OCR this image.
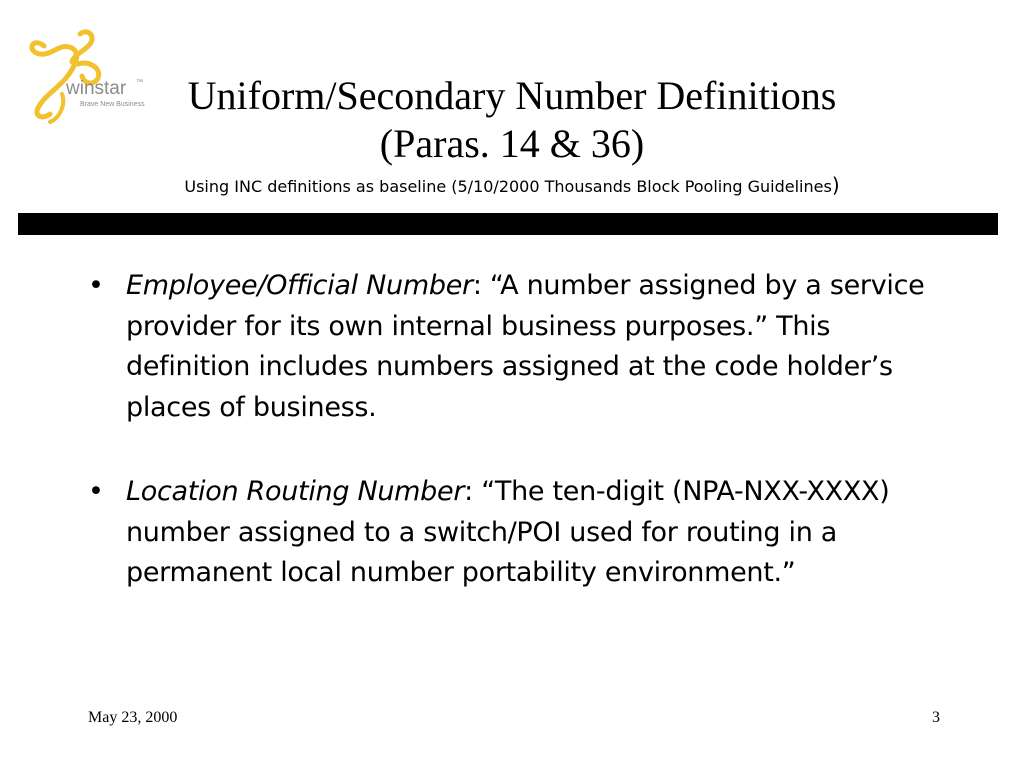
winstar ™
Brave New Business	Uniform/Secondary Number Definitions
(Paras. 14 & 36)
Using INC definitions as baseline (5/10/2000 Thousands Block Pooling Guidelines)
• Employee/Official Number: “A number assigned by a service provider for its own internal business purposes.” This definition includes numbers assigned at the code holder’s places of business.
• Location Routing Number: “The ten-digit (NPA-NXX-XXXX) number assigned to a switch/POI used for routing in a permanent local number portability environment.”
May 23, 2000	3
